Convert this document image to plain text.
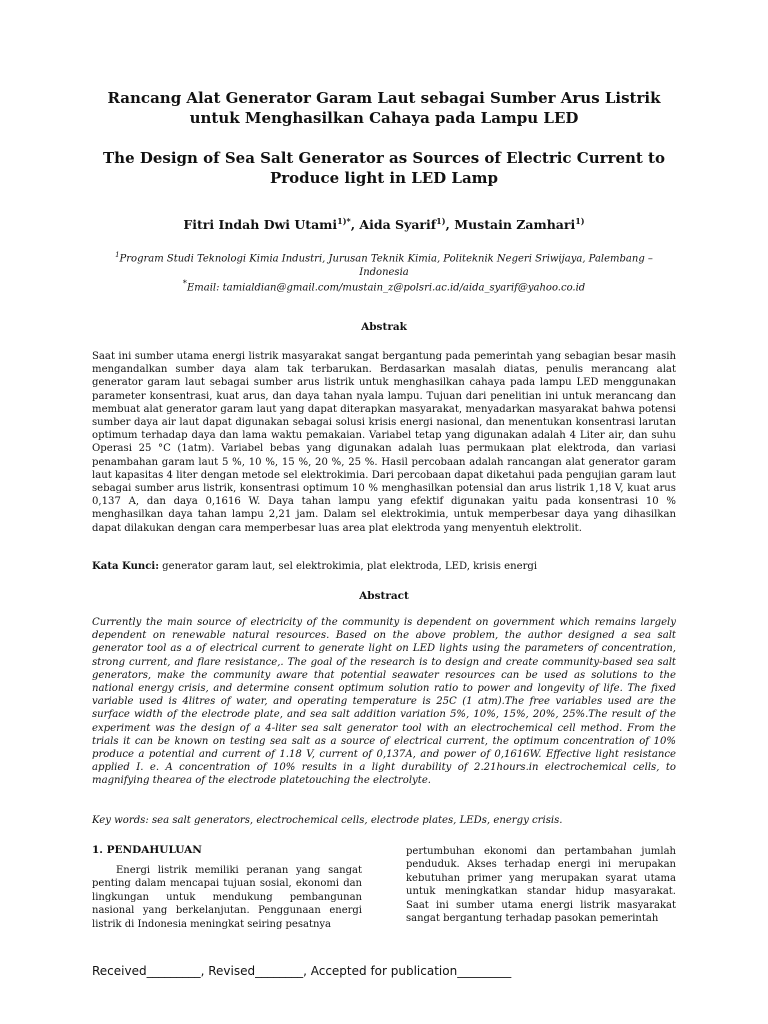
Rancang Alat Generator Garam Laut sebagai Sumber Arus Listrik untuk Menghasilkan Cahaya pada Lampu LED
The Design of Sea Salt Generator as Sources of Electric Current to Produce light in LED Lamp
Fitri Indah Dwi Utami$^{1)*}$, Aida Syarif$^{1)}$, Mustain Zamhari$^{1)}$
$^1$Program Studi Teknologi Kimia Industri, Jurusan Teknik Kimia, Politeknik Negeri Sriwijaya, Palembang – Indonesia
*Email: tamialdian@gmail.com/mustain_z@polsri.ac.id/aida_syarif@yahoo.co.id
Abstrak
Saat ini sumber utama energi listrik masyarakat sangat bergantung pada pemerintah yang sebagian besar masih mengandalkan sumber daya alam tak terbarukan. Berdasarkan masalah diatas, penulis merancang alat generator garam laut sebagai sumber arus listrik untuk menghasilkan cahaya pada lampu LED menggunakan parameter konsentrasi, kuat arus, dan daya tahan nyala lampu. Tujuan dari penelitian ini untuk merancang dan membuat alat generator garam laut yang dapat diterapkan masyarakat, menyadarkan masyarakat bahwa potensi sumber daya air laut dapat digunakan sebagai solusi krisis energi nasional, dan menentukan konsentrasi larutan optimum terhadap daya dan lama waktu pemakaian. Variabel tetap yang digunakan adalah 4 Liter air, dan suhu Operasi 25 °C (1atm). Variabel bebas yang digunakan adalah luas permukaan plat elektroda, dan variasi penambahan garam laut 5 %, 10 %, 15 %, 20 %, 25 %. Hasil percobaan adalah rancangan alat generator garam laut kapasitas 4 liter dengan metode sel elektrokimia. Dari percobaan dapat diketahui pada pengujian garam laut sebagai sumber arus listrik, konsentrasi optimum 10 % menghasilkan potensial dan arus listrik 1,18 V, kuat arus 0,137 A, dan daya 0,1616 W. Daya tahan lampu yang efektif digunakan yaitu pada konsentrasi 10 % menghasilkan daya tahan lampu 2,21 jam. Dalam sel elektrokimia, untuk memperbesar daya yang dihasilkan dapat dilakukan dengan cara memperbesar luas area plat elektroda yang menyentuh elektrolit.
Kata Kunci: generator garam laut, sel elektrokimia, plat elektroda, LED, krisis energi
Abstract
Currently the main source of electricity of the community is dependent on government which remains largely dependent on renewable natural resources. Based on the above problem, the author designed a sea salt generator tool as a of electrical current to generate light on LED lights using the parameters of concentration, strong current, and flare resistance,. The goal of the research is to design and create community-based sea salt generators, make the community aware that potential seawater resources can be used as solutions to the national energy crisis, and determine consent optimum solution ratio to power and longevity of life. The fixed variable used is 4litres of water, and operating temperature is 25C (1 atm).The free variables used are the surface width of the electrode plate, and sea salt addition variation 5%, 10%, 15%, 20%, 25%.The result of the experiment was the design of a 4-liter sea salt generator tool with an electrochemical cell method. From the trials it can be known on testing sea salt as a source of electrical current, the optimum concentration of 10% produce a potential and current of 1.18 V, current of 0,137A, and power of 0,1616W. Effective light resistance applied I. e. A concentration of 10% results in a light durability of 2.21hours.in electrochemical cells, to magnifying thearea of the electrode platetouching the electrolyte.
Key words: sea salt generators, electrochemical cells, electrode plates, LEDs, energy crisis.
1. PENDAHULUAN
Energi listrik memiliki peranan yang sangat penting dalam mencapai tujuan sosial, ekonomi dan lingkungan untuk mendukung pembangunan nasional yang berkelanjutan. Penggunaan energi listrik di Indonesia meningkat seiring pesatnya
pertumbuhan ekonomi dan pertambahan jumlah penduduk. Akses terhadap energi ini merupakan kebutuhan primer yang merupakan syarat utama untuk meningkatkan standar hidup masyarakat. Saat ini sumber utama energi listrik masyarakat sangat bergantung terhadap pasokan pemerintah
Received_________, Revised________, Accepted for publication_________
